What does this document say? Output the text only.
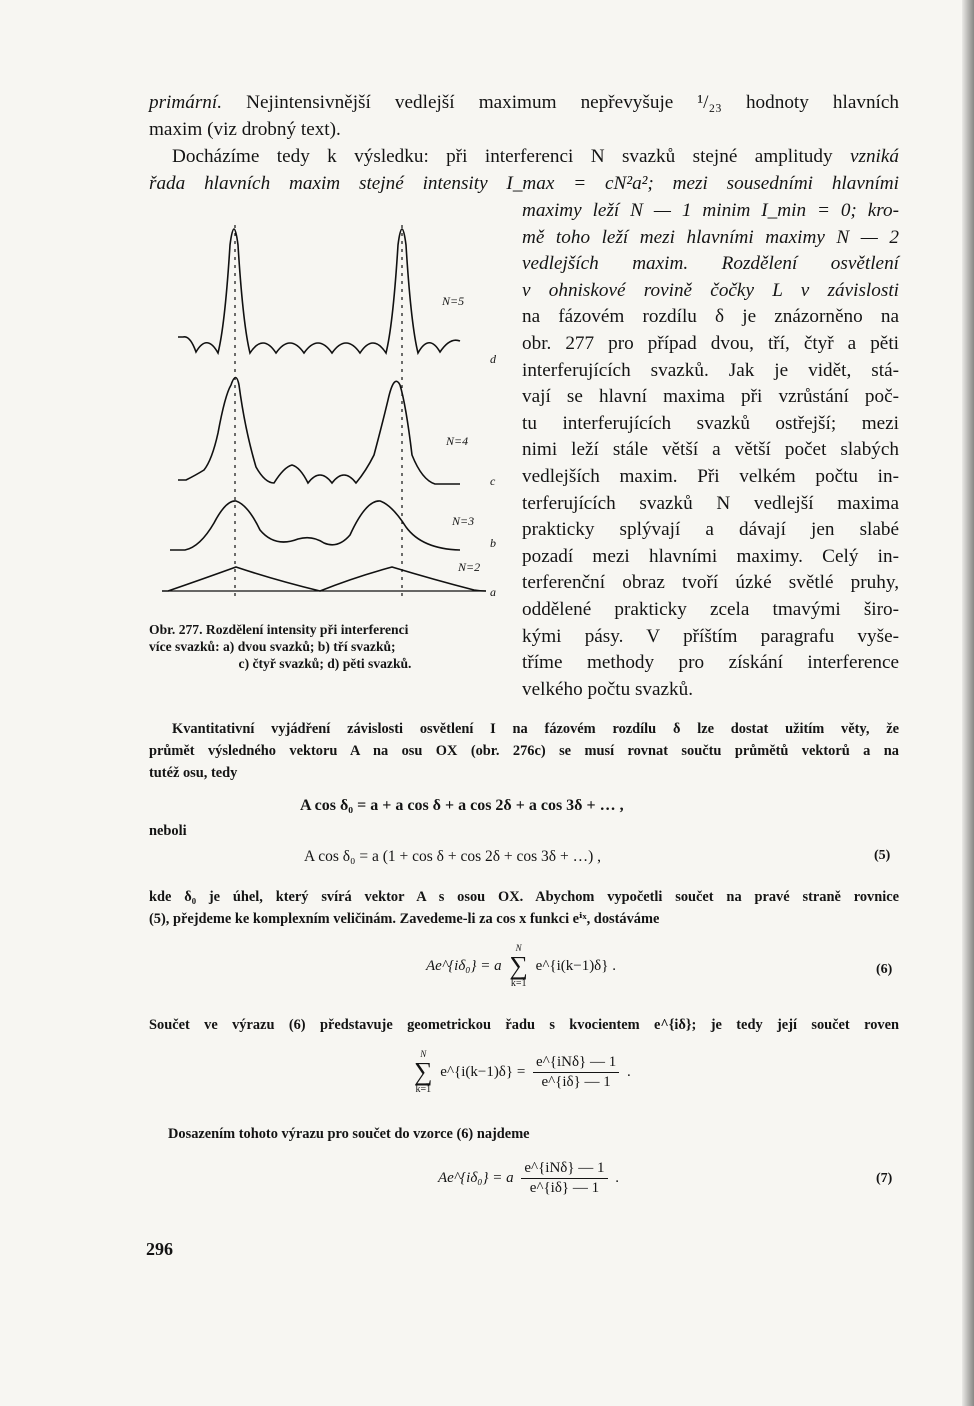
primární. Nejintensivnější vedlejší maximum nepřevyšuje ¹/₂₃ hodnoty hlavních

maxim (viz drobný text).

Docházíme tedy k výsledku: při interferenci N svazků stejné amplitudy vzniká

řada hlavních maxim stejné intensity I_max = cN²a²; mezi sousedními hlavními

maximy leží N — 1 minim I_min = 0; kro-

mě toho leží mezi hlavními maximy N — 2

vedlejších maxim. Rozdělení osvětlení

v ohniskové rovině čočky L v závislosti

na fázovém rozdílu δ je znázorněno na

obr. 277 pro případ dvou, tří, čtyř a pěti

interferujících svazků. Jak je vidět, stá-

vají se hlavní maxima při vzrůstání poč-

tu interferujících svazků ostřejší; mezi

nimi leží stále větší a větší počet slabých

vedlejších maxim. Při velkém počtu in-

terferujících svazků N vedlejší maxima

prakticky splývají a dávají jen slabé

pozadí mezi hlavními maximy. Celý in-

terferenční obraz tvoří úzké světlé pruhy,

oddělené prakticky zcela tmavými širo-

kými pásy. V příštím paragrafu vyše-

tříme methody pro získání interference

velkého počtu svazků.

N=5
d
N=4
c
N=3
b
N=2
a
Obr. 277. Rozdělení intensity při interferenci
více svazků: a) dvou svazků; b) tří svazků;
c) čtyř svazků; d) pěti svazků.

Kvantitativní vyjádření závislosti osvětlení I na fázovém rozdílu δ lze dostat užitím věty, že

průmět výsledného vektoru A na osu OX (obr. 276c) se musí rovnat součtu průmětů vektorů a na

tutéž osu, tedy

A cos δ₀ = a + a cos δ + a cos 2δ + a cos 3δ + … ,
neboli
A cos δ₀ = a (1 + cos δ + cos 2δ + cos 3δ + …) ,	(5)

kde δ₀ je úhel, který svírá vektor A s osou OX. Abychom vypočetli součet na pravé straně rovnice

(5), přejdeme ke komplexním veličinám. Zavedeme-li za cos x funkci eⁱˣ, dostáváme

Ae^{iδ₀} = a
N
∑
k=1
e^{i(k−1)δ} .	(6)

Součet ve výrazu (6) představuje geometrickou řadu s kvocientem e^{iδ}; je tedy její součet roven

N
∑
k=1
e^{i(k−1)δ} = $\frac{\text{e\textasciicircum{}\{iNδ\} — 1}}{e\^{}\{i\delta\} — 1}$ .

Dosazením tohoto výrazu pro součet do vzorce (6) najdeme

Ae^{iδ₀} = a $\frac{\text{e\textasciicircum{}\{iNδ\} — 1}}{e\^{}\{i\delta\} — 1}$ .	(7)
296
